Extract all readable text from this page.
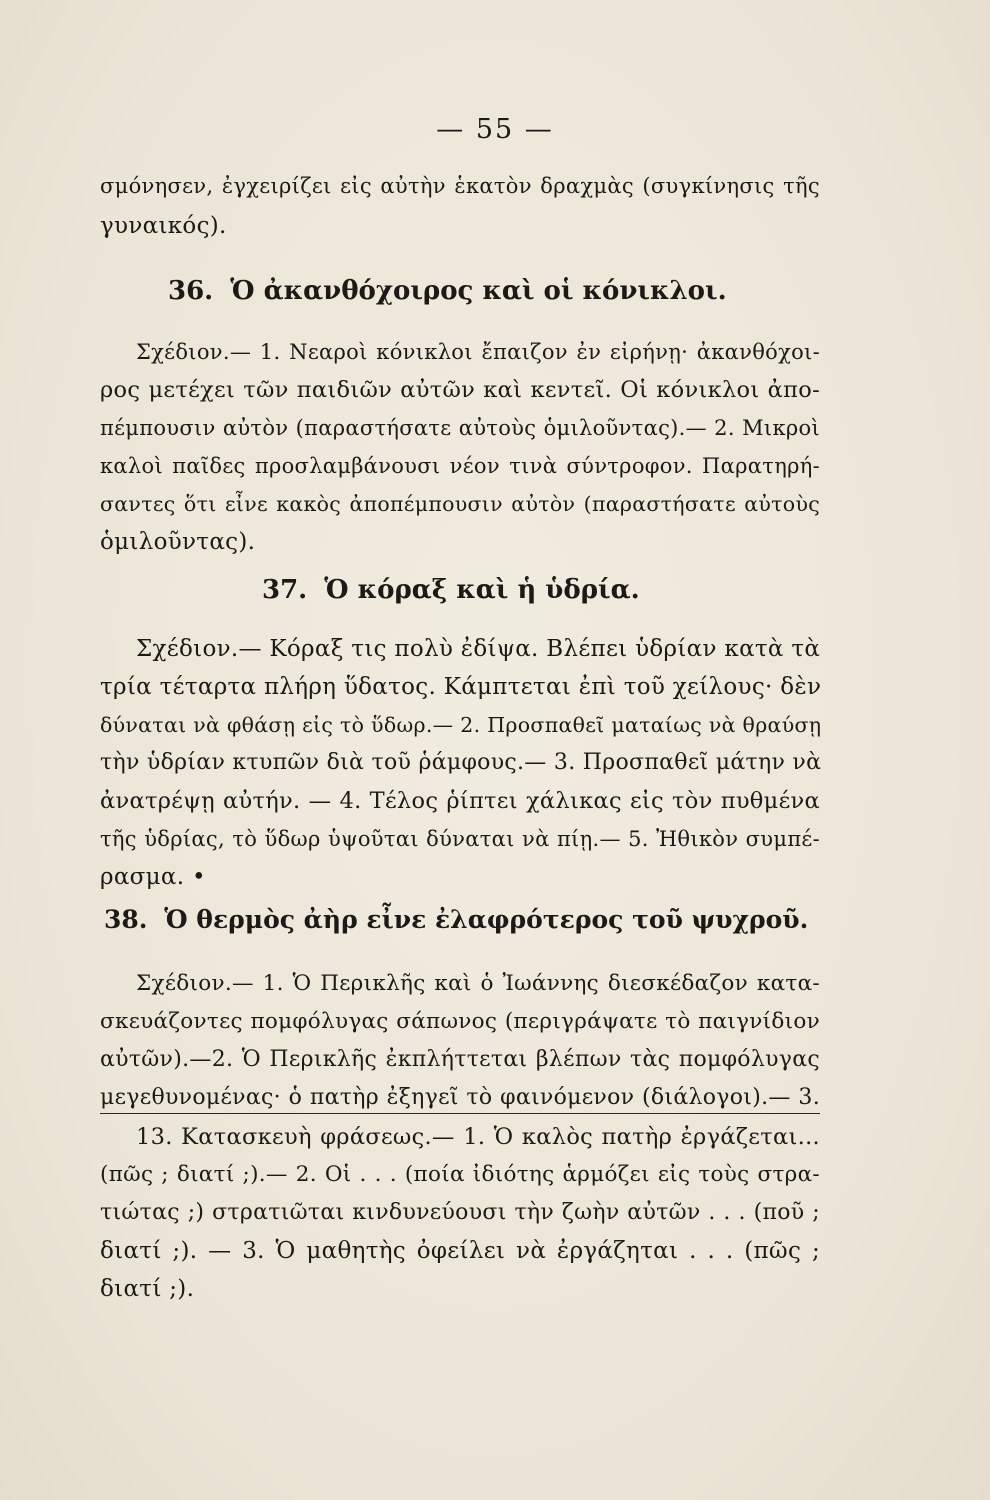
— 55 —
σμόνησεν, ἐγχειρίζει εἰς αὐτὴν ἑκατὸν δραχμὰς (συγκίνησις τῆς
γυναικός).
36. Ὁ ἀκανθόχοιρος καὶ οἱ κόνικλοι.
Σχέδιον.— 1. Νεαροὶ κόνικλοι ἔπαιζον ἐν εἰρήνῃ· ἀκανθόχοι-
ρος μετέχει τῶν παιδιῶν αὐτῶν καὶ κεντεῖ. Οἱ κόνικλοι ἀπο-
πέμπουσιν αὐτὸν (παραστήσατε αὐτοὺς ὁμιλοῦντας).— 2. Μικροὶ
καλοὶ παῖδες προσλαμβάνουσι νέον τινὰ σύντροφον. Παρατηρή-
σαντες ὅτι εἶνε κακὸς ἀποπέμπουσιν αὐτὸν (παραστήσατε αὐτοὺς
ὁμιλοῦντας).
37. Ὁ κόραξ καὶ ἡ ὑδρία.
Σχέδιον.— Κόραξ τις πολὺ ἐδίψα. Βλέπει ὑδρίαν κατὰ τὰ
τρία τέταρτα πλήρη ὕδατος. Κάμπτεται ἐπὶ τοῦ χείλους· δὲν
δύναται νὰ φθάσῃ εἰς τὸ ὕδωρ.— 2. Προσπαθεῖ ματαίως νὰ θραύσῃ
τὴν ὑδρίαν κτυπῶν διὰ τοῦ ῥάμφους.— 3. Προσπαθεῖ μάτην νὰ
ἀνατρέψῃ αὐτήν. — 4. Τέλος ῥίπτει χάλικας εἰς τὸν πυθμένα
τῆς ὑδρίας, τὸ ὕδωρ ὑψοῦται δύναται νὰ πίῃ.— 5. Ἠθικὸν συμπέ-
ρασμα. •
38. Ὁ θερμὸς ἀὴρ εἶνε ἐλαφρότερος τοῦ ψυχροῦ.
Σχέδιον.— 1. Ὁ Περικλῆς καὶ ὁ Ἰωάννης διεσκέδαζον κατα-
σκευάζοντες πομφόλυγας σάπωνος (περιγράψατε τὸ παιγνίδιον
αὐτῶν).—2. Ὁ Περικλῆς ἐκπλήττεται βλέπων τὰς πομφόλυγας
μεγεθυνομένας· ὁ πατὴρ ἐξηγεῖ τὸ φαινόμενον (διάλογοι).— 3.
13. Κατασκευὴ φράσεως.— 1. Ὁ καλὸς πατὴρ ἐργάζεται...
(πῶς ; διατί ;).— 2. Οἱ . . . (ποία ἰδιότης ἁρμόζει εἰς τοὺς στρα-
τιώτας ;) στρατιῶται κινδυνεύουσι τὴν ζωὴν αὐτῶν . . . (ποῦ ;
διατί ;). — 3. Ὁ μαθητὴς ὀφείλει νὰ ἐργάζηται . . . (πῶς ;
διατί ;).
